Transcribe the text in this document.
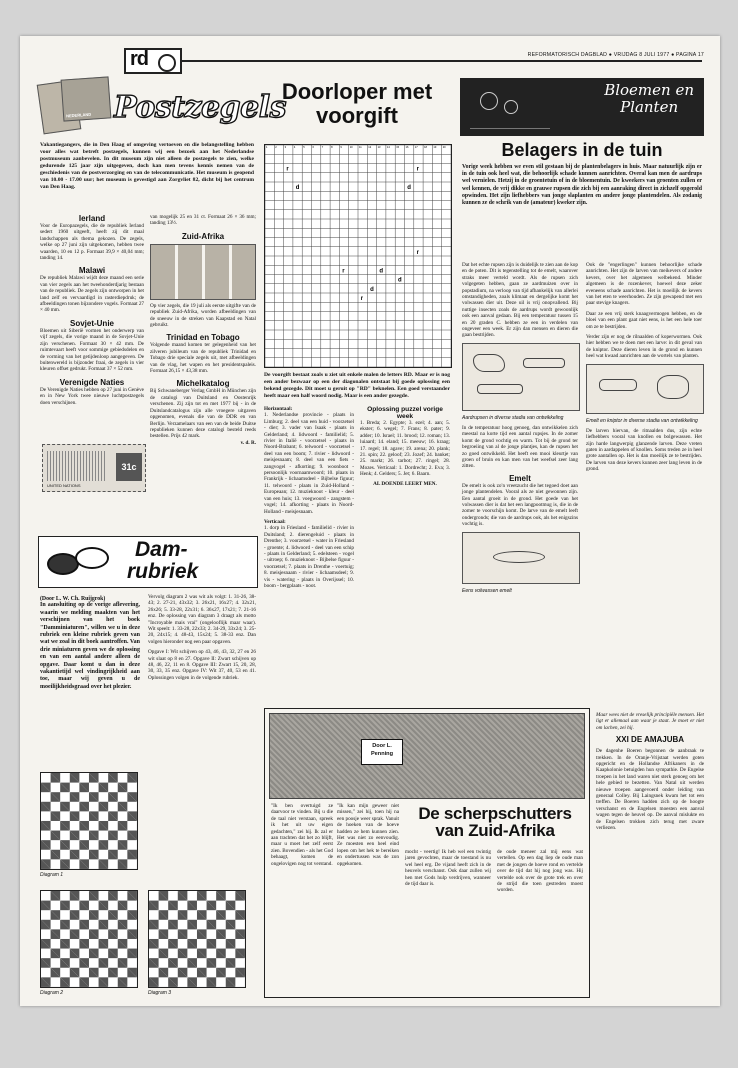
rd	REFORMATORISCH DAGBLAD ● VRIJDAG 8 JULI 1977 ● PAGINA 17
NEDERLAND Postzegels
Vakantiegangers, die in Den Haag of omgeving vertoeven en die belangstelling hebben voor alles wat betreft postzegels, kunnen wij een bezoek aan het Nederlandse postmuseum aanbevelen. In dit museum zijn niet alleen de postzegels te zien, welke gedurende 125 jaar zijn uitgegeven, doch kan men tevens kennis nemen van de geschiedenis van de postverzorging en van de telecommunicatie. Het museum is geopend van 10.00 - 17.00 uur; het museum is gevestigd aan Zorgvliet 82, dicht bij het centrum van Den Haag.
Ierland
Voor de Europazegels, die de republiek Ierland sedert 1960 uitgeeft, heeft zij dit maal landschappen als thema gekozen. De zegels, welke op 27 juni zijn uitgekomen, hebben twee waarden, 10 en 12 p. Formaat 39,9 × 40,04 mm; tanding 14.
Malawi
De republiek Malawi wijdt deze maand een serie van vier zegels aan het tweehonderdjarig bestaan van de republiek. De zegels zijn ontworpen in het land zelf en vervaardigd in rasterdiepdruk; de afbeeldingen tonen bijzondere vogels. Formaat 27 × 40 mm.
Sovjet-Unie
Bloemen uit Siberië vormen het onderwerp van vijf zegels, die vorige maand in de Sovjet-Unie zijn verschenen. Formaat 30 × 42 mm. De ruimtevaart heeft voor sommige gebiedsdelen en de vorming van het getijdenloop aangegeven. De buitenwereld is bijzonder fraai, de zegels in vier kleuren offset gedrukt. Formaat 37 × 52 mm.
Verenigde Naties
De Verenigde Naties hebben op 27 juni in Genève en in New York twee nieuwe luchtpostzegels doen verschijnen.
UNITED NATIONS
31c
van mogelijk 25 en 31 ct. Formaat 26 × 36 mm; tanding 13½.
Zuid-Afrika
Op vier zegels, die 19 juli als eerste uitgifte van de republiek Zuid-Afrika, worden afbeeldingen van de sneeuw in de streken van Kaapstad en Natal gebruikt.
Trinidad en Tobago
Volgende maand komen ter gelegenheid van het zilveren jubileum van de republiek Trinidad en Tobago drie speciale zegels uit, met afbeeldingen van de vlag, het wapen en het presidentspaleis. Formaat 26,15 × 43,38 mm.
Michelkatalog
Bij Schwaneberger Verlag GmbH in München zijn de catalogi van Duitsland en Oostenrijk verschenen. Zij zijn tot en met 1977 bij - in de Duitslandcatalogus zijn alle vroegere uitgaven opgenomen, evenals die van de DDR en van Berlijn. Verzamelaars van een van de beide Duitse republieken kunnen deze catalogi besteld reeds bestellen. Prijs 42 mark.
v. d. R.
Dam-
rubriek
(Door L. W. Ch. Ruijgrok)
In aansluiting op de vorige aflevering, waarin we melding maakten van het verschijnen van het boek "Damminiaturen", willen we u in deze rubriek een kleine rubriek geven van wat we zoal in dit boek aantroffen. Van drie miniaturen geven we de oplossing en van een aantal andere alleen de opgave. Daar komt u dan in deze vakantietijd wel vindingrijkheid aan toe, maar wij geven u de moeilijkheidsgraad over het plezier.
Vervolg diagram 2 was wit als volgt: 1. 31-26, 38-43; 2. 27-21, 43x32; 3. 26x21, 16x27; 4. 32x21, 26x26; 5. 33-28, 22x31; 6. 36x27, 17x21; 7. 21-16 enz. De oplossing van diagram 3 draagt als motto "Incroyable mais vrai" (ongelooflijk maar waar). Wit speelt: 1. 33-28, 22x33; 2. 34-29, 33x24; 3. 25-20, 24x15; 4. 48-43, 15x24; 5. 38-33 enz. Dan volgen hieronder nog een paar opgaven.
Opgave I: Wit schijven op 43, 46, 43, 32, 27 en 26 wit slaat op 8 en 27. Opgave II: Zwart schijven op 48, 46, 22, 11 en 8. Opgave III: Zwart 15, 20, 28, 30, 33, 35 enz. Opgave IV: Wit 37, 40, 53 en 41. Oplossingen volgen in de volgende rubriek.
Diagram 1
Diagram 2	Diagram 3
Doorloper met
voorgift
1	2	3	4	5	6	7	8	9	10 11	12 13 14 15 16 17 18 19 20
r	r
d	d
r	d
d
r
d
r
De voorgift bestaat zoals u ziet uit enkele malen de letters RD. Maar er is nog een ander bezwaar op een der diagonalen ontstaat bij goede oplossing een bekend gezegde. Dit moet u geruit op "RD" beknelen. Een goed verstaander heeft maar een half woord nodig. Maar is een ander gezegde.
Horizontaal:
1. Nederlandse provincie - plaats in Limburg; 2. deel van een huid - voorzetsel - dier; 3. vader van Isaak - plaats in Gelderland; 4. lidwoord - familielid; 5. rivier in Italië - voorzetsel - plaats in Noord-Brabant; 6. telwoord - voorzetsel - deel van een boom; 7. rivier - lidwoord - meisjesnaam; 8. deel van een fiets - zangvogel - afkorting; 9. woonboot - persoonlijk voornaamwoord; 10. plaats in Frankrijk - lichaamsdeel - Bijbelse figuur; 11. telwoord - plaats in Zuid-Holland - Europeaan; 12. muzieknoot - kleur - deel van een huis; 13. voegwoord - zangstem - vogel; 14. afkorting - plaats in Noord-Holland - meisjesnaam.
Verticaal:
1. dorp in Friesland - familielid - rivier in Duitsland; 2. dierengeluid - plaats in Drenthe; 3. voorzetsel - water in Friesland - groente; 4. lidwoord - deel van een schip - plaats in Gelderland; 5. edelsteen - vogel - uitroep; 6. muzieknoot - Bijbelse figuur - voorzetsel; 7. plaats in Drenthe - voertuig; 8. meisjesnaam - rivier - lichaamsdeel; 9. vis - watering - plaats in Overijssel; 10. boom - bergplaats - noot.
Oplossing puzzel vorige week
1. Breda; 2. Egypte; 3. ezel; 4. aan; 5. ekster; 6. wegel; 7. Frans; 8. pater; 9. adder; 10. Israel; 11. brood; 12. roman; 13. luiaard; 14. eland; 15. meeuw; 16. kraag; 17. regel; 18. agave; 19. arena; 20. plank; 21. spin; 22. geloof; 23. Jozef; 24. banket; 25. markt; 26. tarbot; 27. ringel; 28. Mozes. Verticaal: 1. Dordrecht; 2. Eva; 3. Henk; 4. Gelders; 5. Jet; 6. Baarn.
AL DOENDE LEERT MEN.
Bloemen en
Planten
Belagers in de tuin
Vorige week hebben we even stil gestaan bij de plantenbelagers in huis. Maar natuurlijk zijn er in de tuin ook heel wat, die behoorlijk schade kunnen aanrichten. Overal kan men de aardrups wel vernielen. Hetzij in de groentetuin of in de bloementuin. De kweekers van groenten zullen er wel kennen, de vrij dikke en grauwe rupsen die zich bij een aanraking direct in zichzelf opgerold opwinden. Het zijn liefhebbers van jonge slaplanten en andere jonge plantendelen. Als zodanig kunnen ze de schrik van de (amateur) kweker zijn.
Dat het echte rupsen zijn is duidelijk te zien aan de kop en de poten. Dit is tegenstelling tot de emelt, waarover straks meer verteld wordt. Als de rupsen zich volgegeten hebben, gaan ze aardmuizen over in popstadium, na verloop van tijd afhankelijk van allerlei omstandigheden, zoals klimaat en dergelijke komt het volwassen dier uit. Deze uil is vrij onopvallend. Bij nuttige insecten zoals de aardrups wordt gewoonlijk ook een aanval gedaan. Bij een temperatuur tussen 15 en 20 graden C. hebben ze een in verdelen van ongeveer een week. Er zijn dan mensen en dieren die gaan bestrijden.
Aardrupsen in diverse stadia van ontwikkeling
In de temperatuur hoog genoeg, dan ontwikkelen zich meestal na korte tijd een aantal rupsjes. In de zomer komt de grond vochtig en warm. Tot bij de grond ter begroeiing van al de jonge plantjes, kan de rupsen het zo goed ontwikkeld. Het heeft een mooi kleurtje van groen of bruin en kan men van het weefsel zeer lang zitten.
Emelt
De emelt is ook zo'n vreetzucht die het tegoed doet aan jonge plantendelen. Vooral als ze niet gewonnen zijn. Een aantal groeit in de grond. Het goede van het volwassen dier is dat het een langpootmug is, die in de zomer te voorschijn komt. De larve van de emelt leeft ondergronds; die van de aardrups ook, als het enigszins vochtig is.
Eens volwassen emelt
Ook de "engerlingen" kunnen behoorlijke schade aanrichten. Het zijn de larven van meikevers of andere kevers, over het algemeen welbekend. Minder algemeen is de rozenkever, hoewel deze zeker eveneens schade aanrichten. Het is moeilijk de kevers van het eten te weerhouden. Ze zijn gewapend met een paar stevige knagers.
Daar ze een vrij sterk knaagvermogen hebben, en de bloei van een plant gaat niet eens, is het een hele toer om ze te bestrijden.
Verder zijn er nog de rilnaalden of koperwormen. Ook hier hebben we te doen met een larve: in dit geval van de kniptor. Deze dieren leven in de grond en kunnen heel wat kwaad aanrichten aan de wortels van planten.
Emelt en kniptor in diverse stadia van ontwikkeling
De larven hiervan, de ritnaalden dus, zijn echte liefhebbers vooral van knollen en bolgewassen. Het zijn harde langwerpig glanzende larven. Deze vreten gaten in aardappelen of knollen. Soms treden ze in heel grote aantallen op. Het is dan moeilijk ze te bestrijden. De larven van deze kevers kunnen zeer lang leven in de grond.
Door L.
Penning
De scherpschutters
van Zuid-Afrika
"Ik ben overtuigd ze daarvoor te vinden. Bij u die de taal niet verstaan, spreek ik het uit uw eigen gedachten," zei hij. Ik zal er aan trachten dat het zo blijft, maar u moet het zelf eerst zien. Bovendien - als het God behaagt, komen de ongelovigen nog tot verstand.
"Ik kan mijn geweer niet missen," zei hij, toen hij na een poosje weer sprak. Vanuit de hoeken van de hoeve hadden ze hem kunnen zien. Het was niet zo eenvoudig. Ze moesten een heel eind lopen om het hek te bereiken en ondertussen was de zon opgekomen.
mocht - veertig! Ik heb wel een twintig jaren gevochten, maar de toestand is nu wel heel erg. De vijand heeft zich in de heuvels verschanst. Ook daar zullen wij hen met Gods hulp verdrijven, wanneer de tijd daar is.
de oude meneer zal mij eens wat vertellen. Op een dag liep de oude man met de jongen de hoeve rond en vertelde over de tijd dat hij nog jong was. Hij vertelde ook over de grote trek en over de strijd die toen gestreden moest worden.
Maar wees niet de vreselijk principiële mensen. Het ligt er allemaal aan waar je staat. Je moet er niet om lachen, zei hij.
XXI DE AMAJUBA
De dagenhe Boeren begonnen de aanbraak te trekken. In de Oranje-Vrijstaat werden goten opgericht en de Hollandse Afrikaners in de Kaapkolonie betuigden hun sympathie. De Engelse troepen in het land waren niet sterk genoeg om het hele gebied te bezetten. Van Natal uit werden nieuwe troepen aangevoerd onder leiding van generaal Colley. Bij Laingsnek kwam het tot een treffen. De Boeren hadden zich op de hoogte verschanst en de Engelsen moesten een aanval wagen tegen de heuvel op. De aanval mislukte en de Engelsen trokken zich terug met zware verliezen.
